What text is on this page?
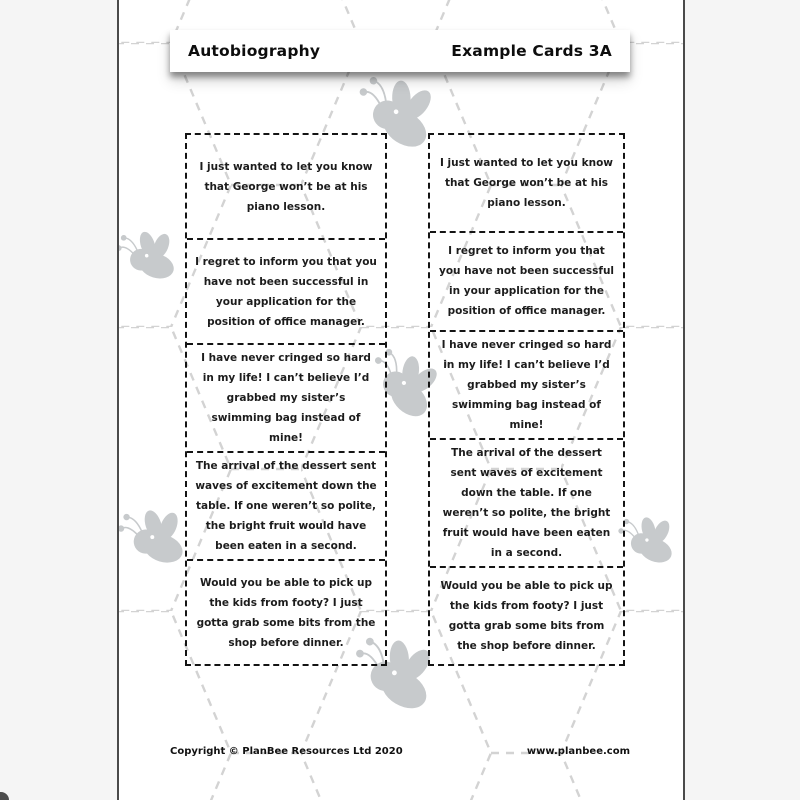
Autobiography	Example Cards 3A
I just wanted to let you know that George won’t be at his piano lesson.
I regret to inform you that you have not been successful in your application for the position of office manager.
I have never cringed so hard in my life! I can’t believe I’d grabbed my sister’s swimming bag instead of mine!
The arrival of the dessert sent waves of excitement down the table. If one weren’t so polite, the bright fruit would have been eaten in a second.
Would you be able to pick up the kids from footy? I just gotta grab some bits from the shop before dinner.
I just wanted to let you know that George won’t be at his piano lesson.
I regret to inform you that you have not been successful in your application for the position of office manager.
I have never cringed so hard in my life! I can’t believe I’d grabbed my sister’s swimming bag instead of mine!
The arrival of the dessert sent waves of excitement down the table. If one weren’t so polite, the bright fruit would have been eaten in a second.
Would you be able to pick up the kids from footy? I just gotta grab some bits from the shop before dinner.
Copyright © PlanBee Resources Ltd 2020	www.planbee.com
